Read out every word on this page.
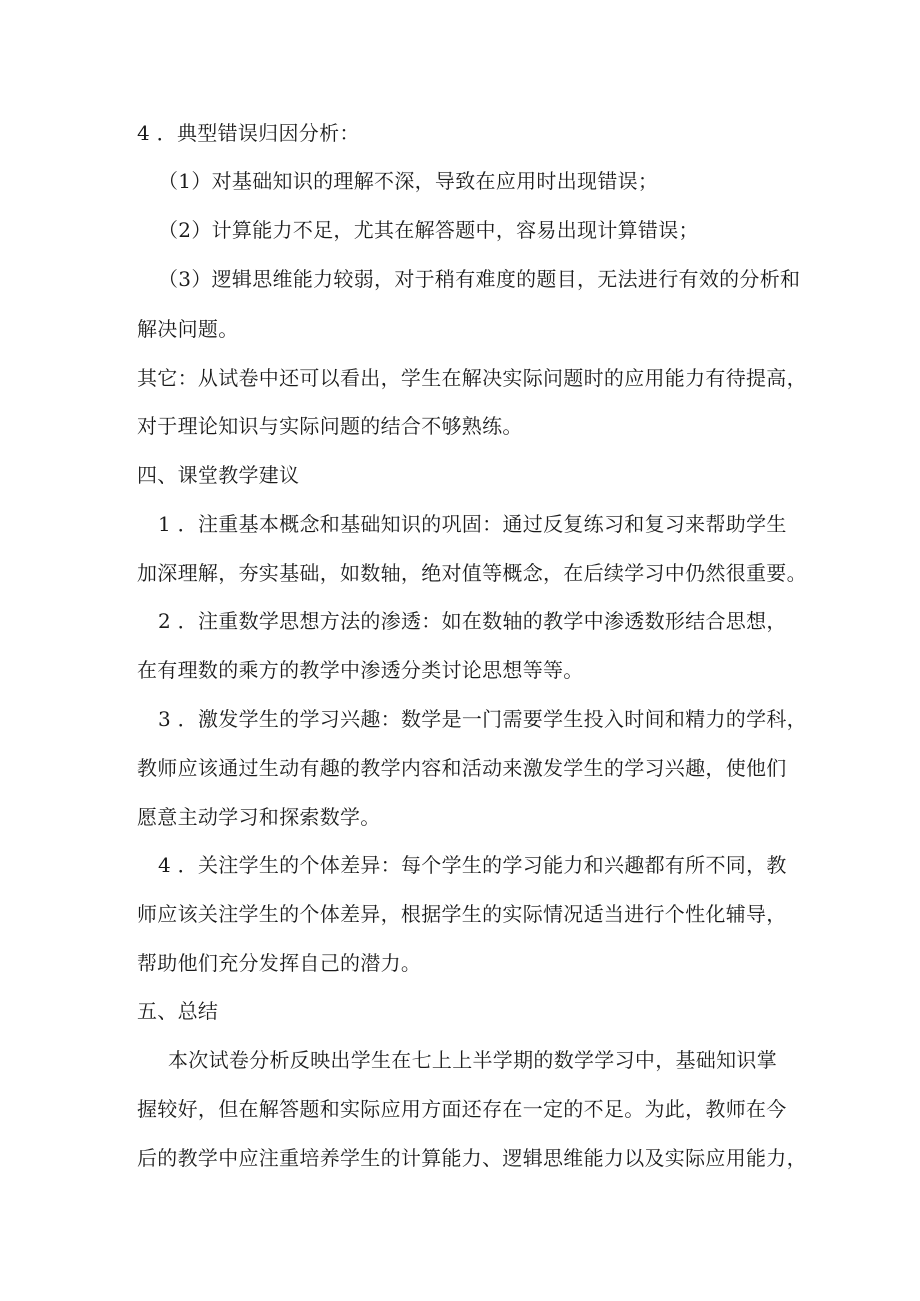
4 ．典型错误归因分析：
（1）对基础知识的理解不深，导致在应用时出现错误；
（2）计算能力不足，尤其在解答题中，容易出现计算错误；
（3）逻辑思维能力较弱，对于稍有难度的题目，无法进行有效的分析和
解决问题。
其它：从试卷中还可以看出，学生在解决实际问题时的应用能力有待提高，
对于理论知识与实际问题的结合不够熟练。
四、课堂教学建议
1 ．注重基本概念和基础知识的巩固：通过反复练习和复习来帮助学生
加深理解，夯实基础，如数轴，绝对值等概念，在后续学习中仍然很重要。
2 ．注重数学思想方法的渗透：如在数轴的教学中渗透数形结合思想，
在有理数的乘方的教学中渗透分类讨论思想等等。
3 ．激发学生的学习兴趣：数学是一门需要学生投入时间和精力的学科，
教师应该通过生动有趣的教学内容和活动来激发学生的学习兴趣，使他们
愿意主动学习和探索数学。
4 ．关注学生的个体差异：每个学生的学习能力和兴趣都有所不同，教
师应该关注学生的个体差异，根据学生的实际情况适当进行个性化辅导，
帮助他们充分发挥自己的潜力。
五、总结
本次试卷分析反映出学生在七上上半学期的数学学习中，基础知识掌
握较好，但在解答题和实际应用方面还存在一定的不足。为此，教师在今
后的教学中应注重培养学生的计算能力、逻辑思维能力以及实际应用能力，
